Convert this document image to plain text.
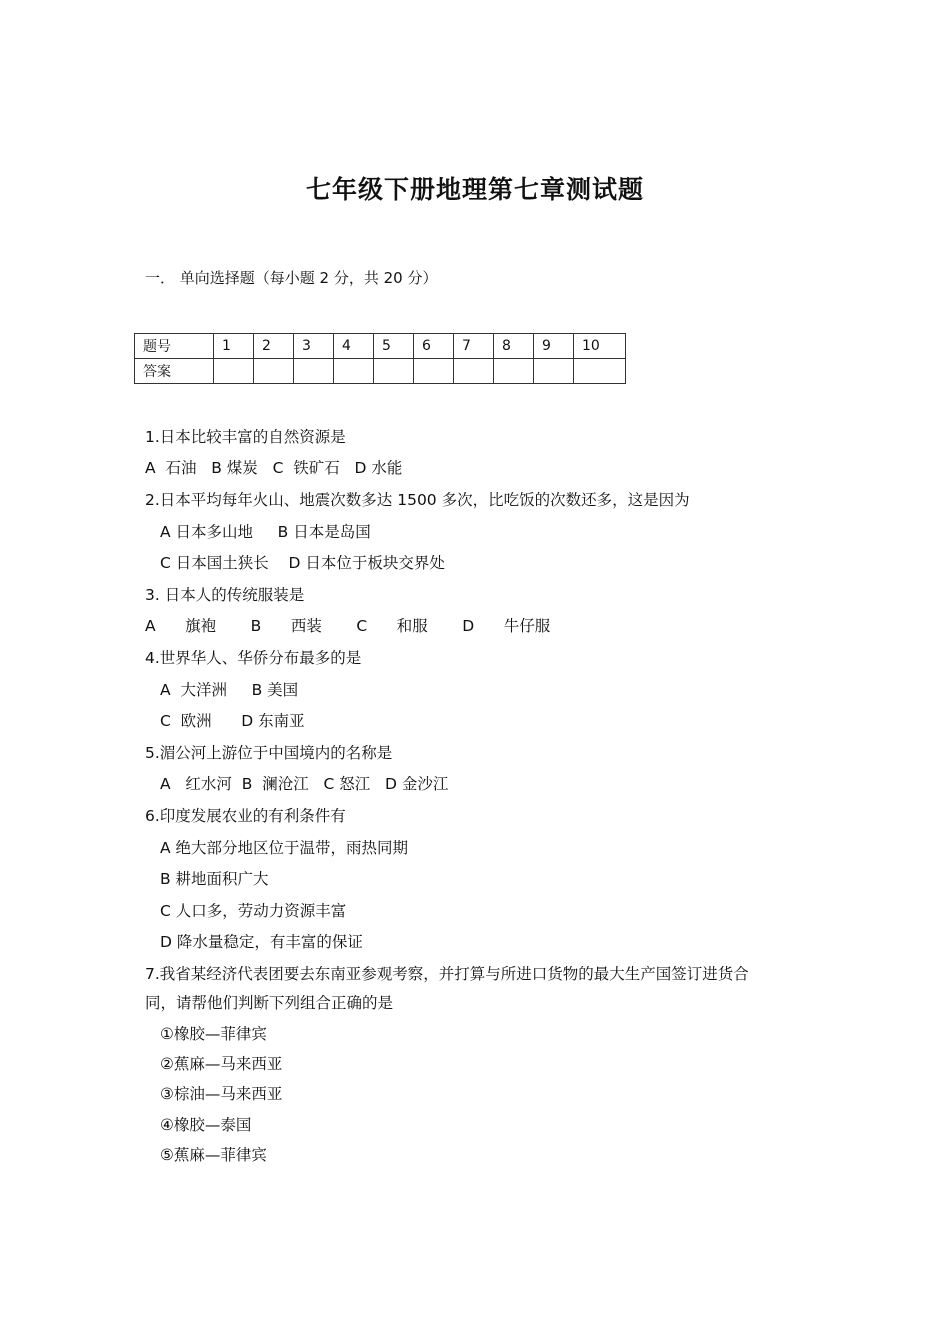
七年级下册地理第七章测试题
一． 单向选择题（每小题 2 分，共 20 分）
题号	1	2	3	4	5	6	7	8	9	10
答案										
1.日本比较丰富的自然资源是
A  石油   B 煤炭   C  铁矿石   D 水能
2.日本平均每年火山、地震次数多达 1500 多次，比吃饭的次数还多，这是因为
A 日本多山地     B 日本是岛国
C 日本国土狭长    D 日本位于板块交界处
3. 日本人的传统服装是
A      旗袍       B      西装       C      和服       D      牛仔服
4.世界华人、华侨分布最多的是
A  大洋洲     B 美国
C  欧洲      D 东南亚
5.湄公河上游位于中国境内的名称是
A   红水河  B  澜沧江   C 怒江   D 金沙江
6.印度发展农业的有利条件有
A 绝大部分地区位于温带，雨热同期
B 耕地面积广大
C 人口多，劳动力资源丰富
D 降水量稳定，有丰富的保证
7.我省某经济代表团要去东南亚参观考察，并打算与所进口货物的最大生产国签订进货合
同，请帮他们判断下列组合正确的是
①橡胶—菲律宾
②蕉麻—马来西亚
③棕油—马来西亚
④橡胶—泰国
⑤蕉麻—菲律宾
